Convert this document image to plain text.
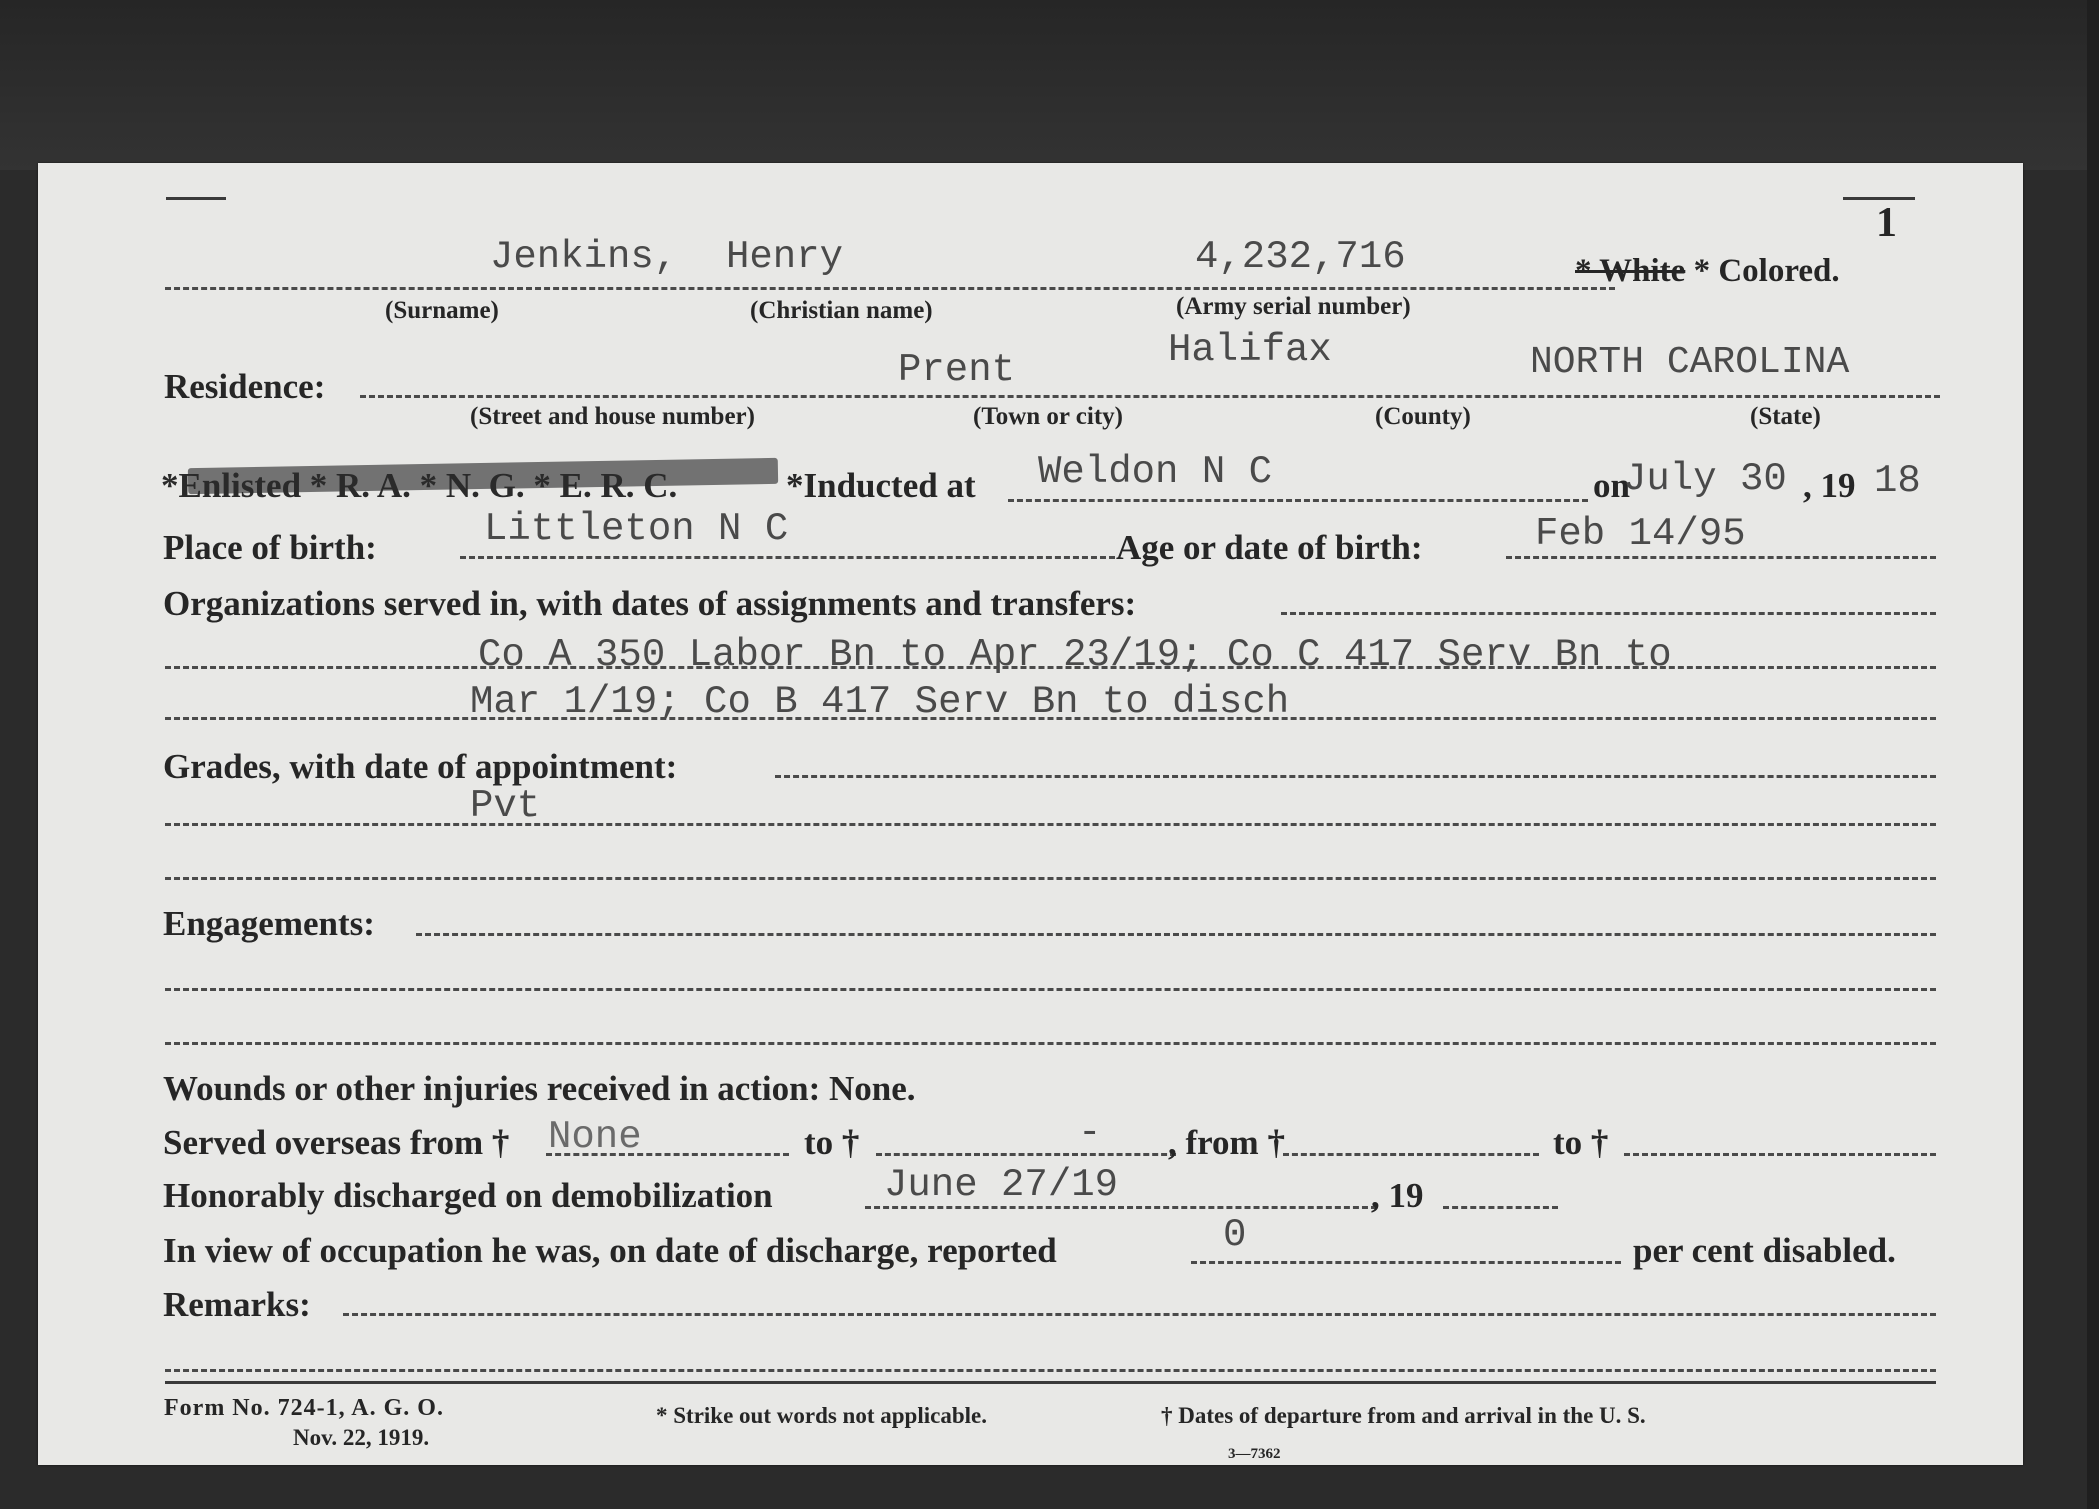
1
Jenkins, Henry	4,232,716	* White * Colored.
(Surname)	(Christian name)	(Army serial number)
Residence:	Prent	Halifax	NORTH CAROLINA
(Street and house number)	(Town or city)	(County)	(State)
*Enlisted * R. A. * N. G. * E. R. C.	*Inducted at Weldon N C	on
July 30 , 19 18
Place of birth:	Littleton N C	Age or date of birth:	Feb 14/95
Organizations served in, with dates of assignments and transfers:
Co A 350 Labor Bn to Apr 23/19; Co C 417 Serv Bn to
Mar 1/19; Co B 417 Serv Bn to disch
Grades, with date of appointment:
Pvt
Engagements:
Wounds or other injuries received in action: None.
Served overseas from † None	to †	- , from †	to †
Honorably discharged on demobilization	June 27/19	, 19
In view of occupation he was, on date of discharge, reported	0	per cent disabled.
Remarks:
Form No. 724-1, A. G. O.
Nov. 22, 1919.
* Strike out words not applicable.	† Dates of departure from and arrival in the U. S.
3—7362
